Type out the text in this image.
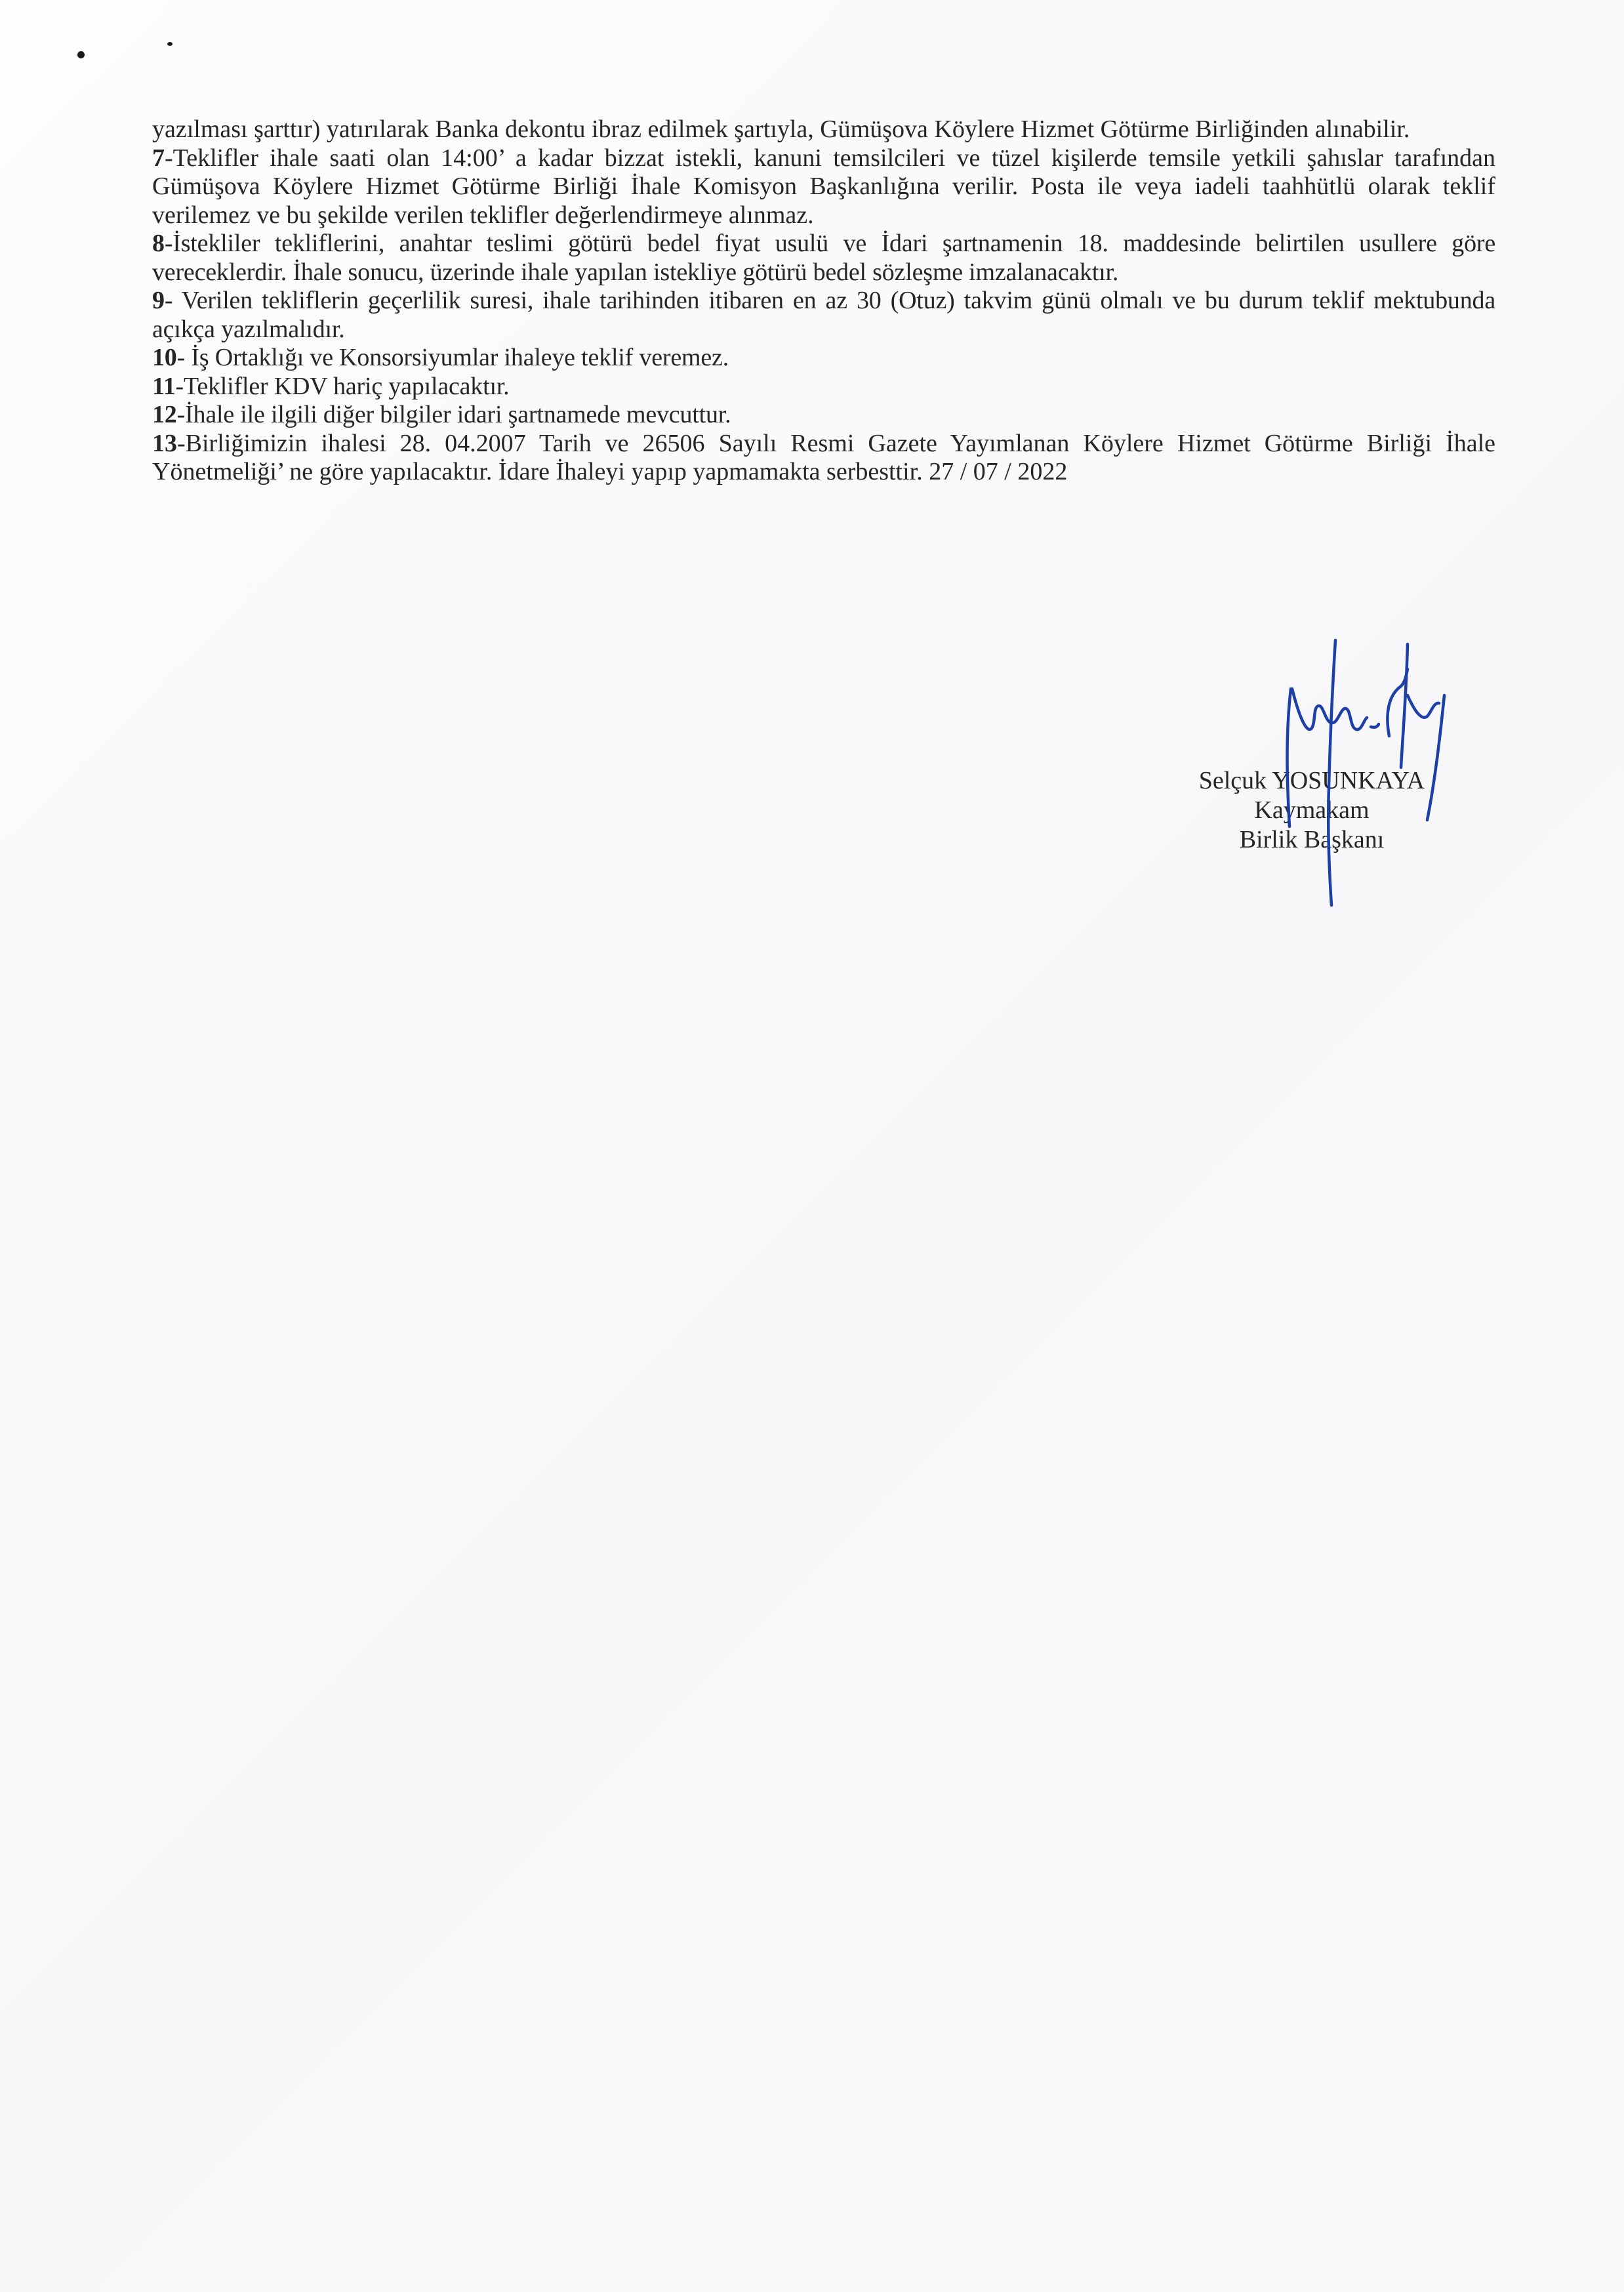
yazılması şarttır) yatırılarak Banka dekontu ibraz edilmek şartıyla, Gümüşova Köylere Hizmet Götürme Birliğinden alınabilir.

7-Teklifler ihale saati olan 14:00’ a kadar bizzat istekli, kanuni temsilcileri ve tüzel kişilerde temsile yetkili şahıslar tarafından Gümüşova Köylere Hizmet Götürme Birliği İhale Komisyon Başkanlığına verilir. Posta ile veya iadeli taahhütlü olarak teklif verilemez ve bu şekilde verilen teklifler değerlendirmeye alınmaz.

8-İstekliler tekliflerini, anahtar teslimi götürü bedel fiyat usulü ve İdari şartnamenin 18. maddesinde belirtilen usullere göre vereceklerdir. İhale sonucu, üzerinde ihale yapılan istekliye götürü bedel sözleşme imzalanacaktır.

9- Verilen tekliflerin geçerlilik suresi, ihale tarihinden itibaren en az 30 (Otuz) takvim günü olmalı ve bu durum teklif mektubunda açıkça yazılmalıdır.

10- İş Ortaklığı ve Konsorsiyumlar ihaleye teklif veremez.

11-Teklifler KDV hariç yapılacaktır.

12-İhale ile ilgili diğer bilgiler idari şartnamede mevcuttur.

13-Birliğimizin ihalesi 28. 04.2007 Tarih ve 26506 Sayılı Resmi Gazete Yayımlanan Köylere Hizmet Götürme Birliği İhale Yönetmeliği’ ne göre yapılacaktır. İdare İhaleyi yapıp yapmamakta serbesttir. 27 / 07 / 2022

Selçuk YOSUNKAYA
Kaymakam
Birlik Başkanı
